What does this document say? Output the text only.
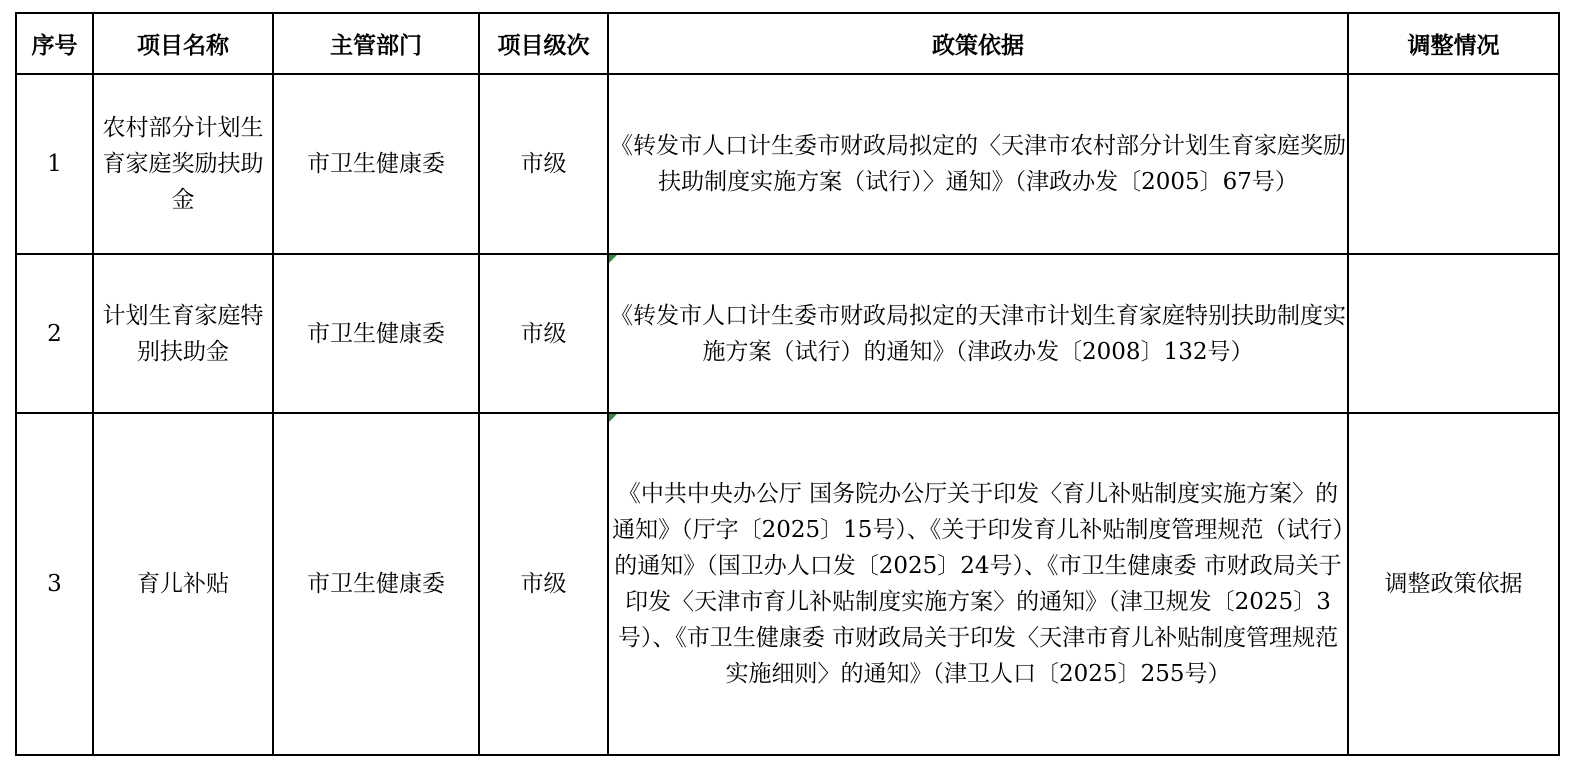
序号	项目名称	主管部门	项目级次	政策依据	调整情况
1	农村部分计划生育家庭奖励扶助金	市卫生健康委	市级	《转发市人口计生委市财政局拟定的〈天津市农村部分计划生育家庭奖励扶助制度实施方案（试行）〉通知》（津政办发〔2005〕67号）	
2	计划生育家庭特别扶助金	市卫生健康委	市级	《转发市人口计生委市财政局拟定的天津市计划生育家庭特别扶助制度实施方案（试行）的通知》（津政办发〔2008〕132号）	
3	育儿补贴	市卫生健康委	市级	《中共中央办公厅 国务院办公厅关于印发〈育儿补贴制度实施方案〉的通知》（厅字〔2025〕15号）、《关于印发育儿补贴制度管理规范（试行）的通知》（国卫办人口发〔2025〕24号）、《市卫生健康委 市财政局关于印发〈天津市育儿补贴制度实施方案〉的通知》（津卫规发〔2025〕3号）、《市卫生健康委 市财政局关于印发〈天津市育儿补贴制度管理规范实施细则〉的通知》（津卫人口〔2025〕255号）	调整政策依据
